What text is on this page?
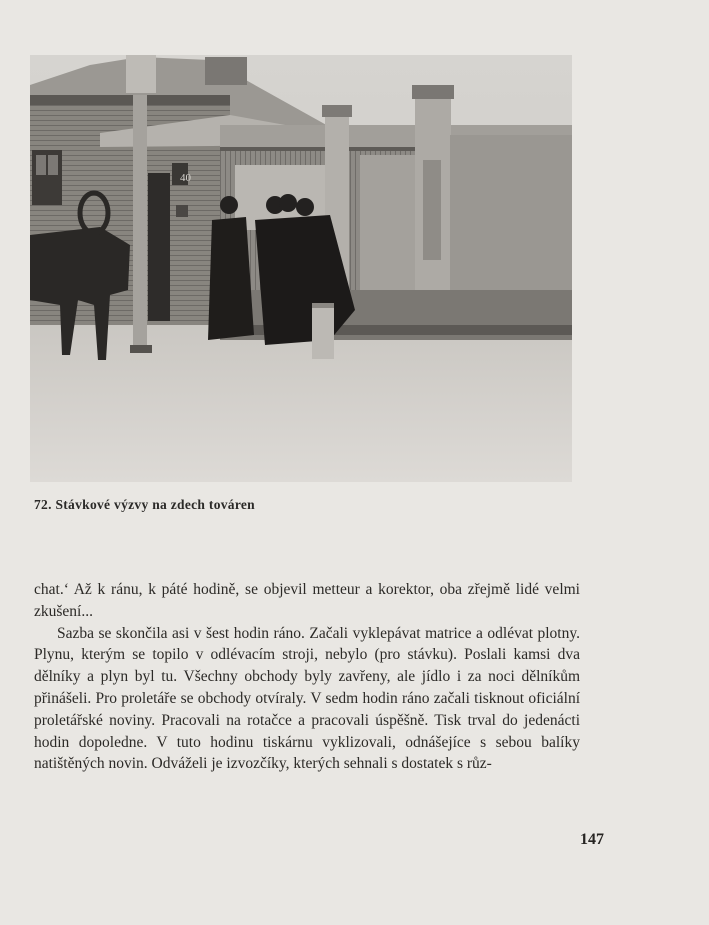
40
72. Stávkové výzvy na zdech továren

chat.‘ Až k ránu, k páté hodině, se objevil metteur a korektor, oba zřejmě lidé velmi zkušení...

Sazba se skončila asi v šest hodin ráno. Začali vyklepávat matrice a odlévat plotny. Plynu, kterým se topilo v odlévacím stroji, nebylo (pro stávku). Poslali kamsi dva dělníky a plyn byl tu. Všechny obchody byly zavřeny, ale jídlo i za noci dělníkům přinášeli. Pro proletáře se obchody otvíraly. V sedm hodin ráno začali tisknout oficiální proletářské noviny. Pracovali na rotačce a pracovali úspěšně. Tisk trval do jedenácti hodin dopoledne. V tuto hodinu tiskárnu vyklizovali, odnášejíce s sebou balíky natištěných novin. Odváželi je izvozčíky, kterých sehnali s dostatek s růz-

147
